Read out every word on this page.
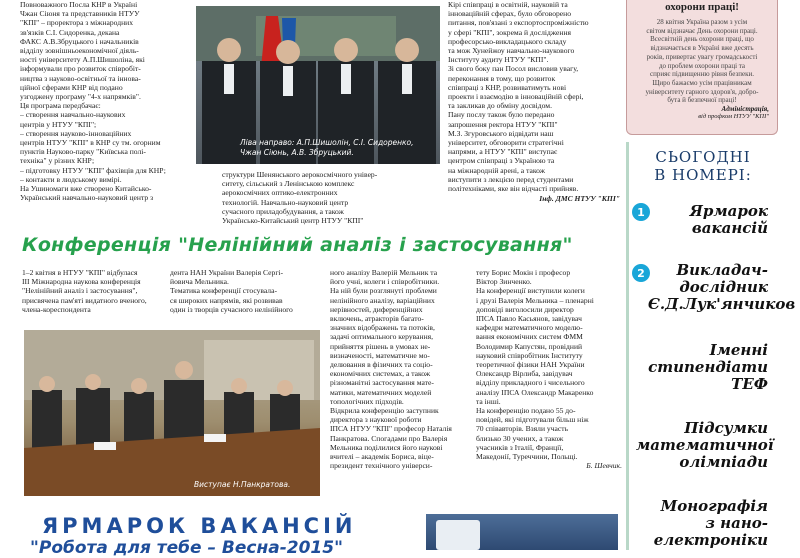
Повноважного Посла КНР в Україні

Чжан Сіюня та представників НТУУ

"КПІ" – проректора з міжнародних

зв'язків С.І. Сидоренка, декана

ФАКС А.В.Збруцького і начальників

відділу зовнішньоекономічної діяль-

ності університету А.П.Шишоліна, які

інформували про розвиток співробіт-

ництва з науково-освітньої та іннова-

ційної сферами КНР від подано

узгоджену програму "4-х напрямків".

Ця програма передбачає:

– створення навчально-наукових

центрів у НТУУ "КПІ";

– створення науково-інноваційних

центрів НТУУ "КПІ" в КНР су тм. огорним

пунктів Науково-парку "Київська полі-

техніка" у різних КНР;

– підготовку НТУУ "КПІ" фахівців для КНР;

– контакти в людському вимірі.

На Ушиномаги вже створено Китайсько-

Український навчально-науковий центр з

Ліва направо: А.П.Шишолін, С.І. Сидоренко, Чжан Сіюнь, А.В. Збруцький.

структури Шенянського аерокосмічного універ-

ситету, сільський з Ленінською комплекс

аерокосмічних оптико-електронних

технологій. Навчально-науковий центр

сучасного приладобудування, а також

Українсько-Китайський центр НТУУ "КПІ"

Кірі співпраці в освітній, науковій та

інноваційній сферах, було обговорено

питання, пов'язані з експортоспроміжністю

у сфері "КПІ", зокрема й дослідження

професорсько-викладацького складу

та мож Хунейжоу навчально-наукового

Інституту аудиту НТУУ "КПІ".

Зі свого боку пан Посол висловив увагу,

переконання в тому, що розвиток

співпраці з КНР, розвиватимуть нові

проекти і взаємодію в інноваційній сфері,

та закликав до обміну досвідом.

Пану послу також було передано

запрошення ректора НТУУ "КПІ"

М.З. Згуровського відвідати наш

університет, обговорити стратегічні

напрями, а НТУУ "КПІ" виступає

центром співпраці з Україною та

на міжнародній арені, а також

виступити з лекцією перед студентами

політехніками, яке він відчасті прийняв.

Інф. ДМС НТУУ "КПІ"
охорони праці!

28 квітня Україна разом з усім

світом відзначає День охорони праці.

Всесвітній день охорони праці, що

відзначається в Україні вже десять

років, привертає увагу громадськості

до проблем охорони праці та

сприяє підвищенню рівня безпеки.

Щиро бажаємо усім працівникам

університету гарного здоров'я, добро-

бута й безпечної праці!

Адміністрація,
від профком НТУУ "КПІ"
СЬОГОДНІ
В НОМЕРІ:
1	Ярмарок вакансій
2	Викладач-дослідник Є.Д.Лук'янчиков
Іменні стипендіати ТЕФ
Підсумки математичної олімпіади
Монографія з нано-електроніки
Конференція "Нелінійний аналіз і застосування"

1–2 квітня в НТУУ "КПІ" відбулася

III Міжнародна наукова конференція

"Нелінійний аналіз і застосування",

присвячена пам'яті видатного вченого,

члена-кореспондента

дента НАН України Валерія Сергі-

йовича Мельника.

Тематика конференції стосувала-

ся широких напрямів, які розвивав

один із творців сучасного нелінійного

Виступає Н.Панкратова.

ного аналізу Валерій Мельник та

його учні, колеги і співробітники.

На ній були розглянуті проблеми

нелінійного аналізу, варіаційних

нерівностей, диференційних

включень, атракторів багато-

значних відображень та потоків,

задачі оптимального керування,

прийняття рішень в умовах не-

визначеності, математичне мо-

делювання в фізичних та соціо-

економічних системах, а також

різноманітні застосування мате-

матики, математичних моделей

топологічних підходів.

Відкрила конференцію заступник

директора з наукової роботи

ІПСА НТУУ "КПІ" професор Наталія

Панкратова. Спогадами про Валерія

Мельника поділилися його наукові

вчителі – академік Бориса, віце-

президент технічного універси-

тету Борис Мокін і професор

Віктор Зинченко.

На конференції виступили колеги

і друзі Валерія Мельника – пленарні

доповіді виголосили директор

ІПСА Павло Касьянов, завідувач

кафедри математичного моделю-

вання економічних систем ФММ

Володимир Капустян, провідний

науковий співробітник Інституту

теоретичної фізики НАН України

Олександр Вірлиба, завідувач

відділу прикладного і чисельного

аналізу ІПСА Олександр Макаренко

та інші.

На конференцію подано 55 до-

повідей, які підготували більш ніж

70 співавторів. Взяли участь

близько 30 учених, а також

учасників з Італії, Франції,

Македонії, Туреччини, Польщі.

Б. Шевчик.
ЯРМАРОК ВАКАНСІЙ
"Робота для тебе – Весна-2015"
